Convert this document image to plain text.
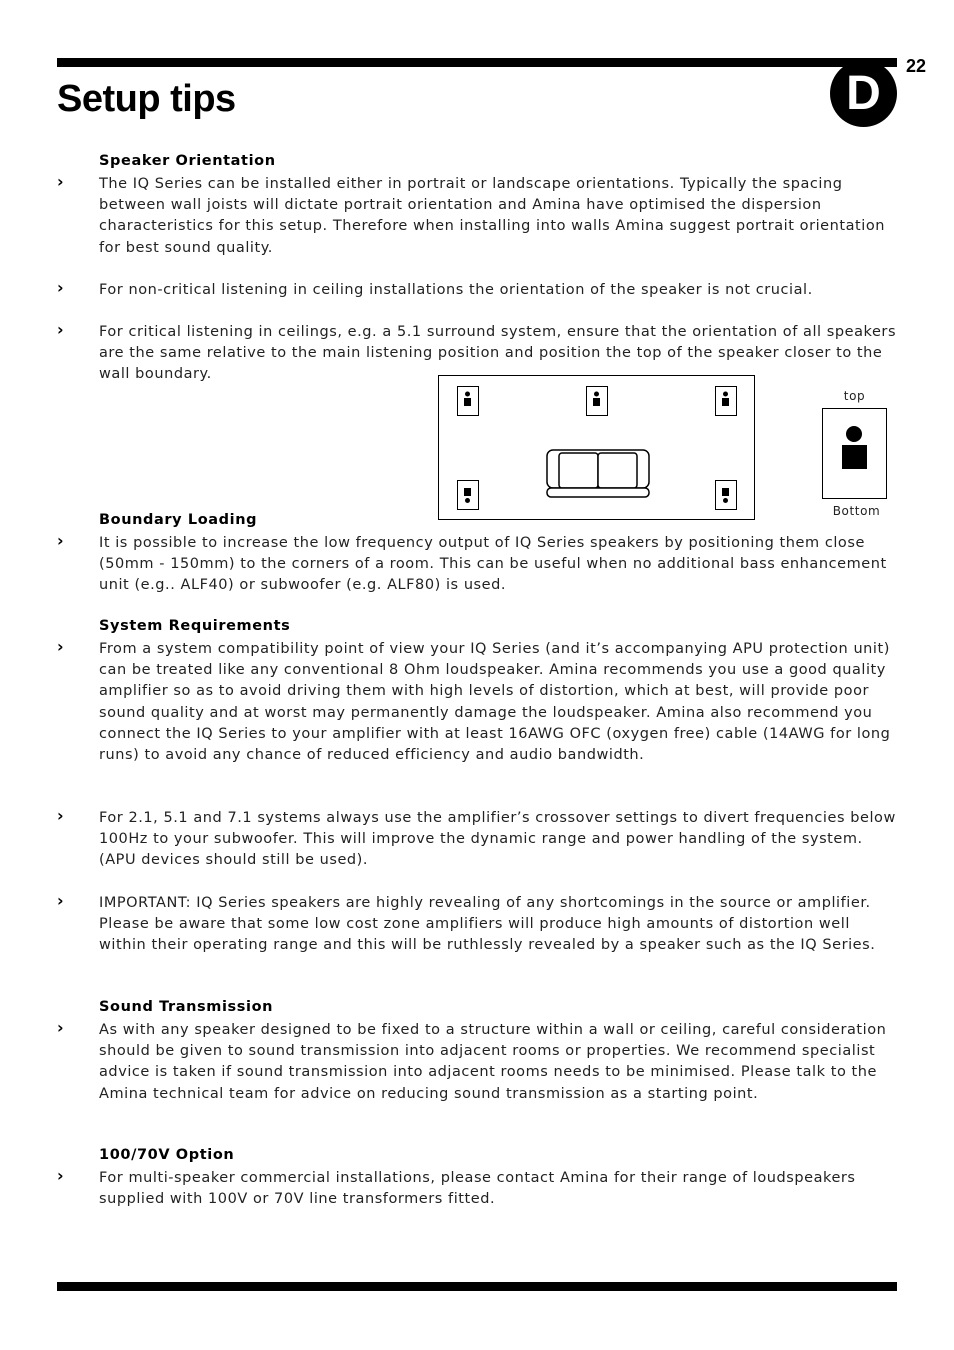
Setup tips	D
22
Speaker Orientation
› The IQ Series can be installed either in portrait or landscape orientations. Typically the spacing between wall joists will dictate portrait orientation and Amina have optimised the dispersion characteristics for this setup. Therefore when installing into walls Amina suggest portrait orientation for best sound quality.
› For non-critical listening in ceiling installations the orientation of the speaker is not crucial.
› For critical listening in ceilings, e.g. a 5.1 surround system, ensure that the orientation of all speakers are the same relative to the main listening position and position the top of the speaker closer to the wall boundary.
top
Bottom
Boundary Loading
› It is possible to increase the low frequency output of IQ Series speakers by positioning them close (50mm - 150mm) to the corners of a room. This can be useful when no additional bass enhancement unit (e.g.. ALF40) or subwoofer (e.g. ALF80) is used.
System Requirements
› From a system compatibility point of view your IQ Series (and it’s accompanying APU protection unit) can be treated like any conventional 8 Ohm loudspeaker. Amina recommends you use a good quality amplifier so as to avoid driving them with high levels of distortion, which at best, will provide poor sound quality and at worst may permanently damage the loudspeaker. Amina also recommend you connect the IQ Series to your amplifier with at least 16AWG OFC (oxygen free) cable (14AWG for long runs) to avoid any chance of reduced efficiency and audio bandwidth.
› For 2.1, 5.1 and 7.1 systems always use the amplifier’s crossover settings to divert frequencies below 100Hz to your subwoofer. This will improve the dynamic range and power handling of the system. (APU devices should still be used).
› IMPORTANT: IQ Series speakers are highly revealing of any shortcomings in the source or amplifier. Please be aware that some low cost zone amplifiers will produce high amounts of distortion well within their operating range and this will be ruthlessly revealed by a speaker such as the IQ Series.
Sound Transmission
› As with any speaker designed to be fixed to a structure within a wall or ceiling, careful consideration should be given to sound transmission into adjacent rooms or properties. We recommend specialist advice is taken if sound transmission into adjacent rooms needs to be minimised. Please talk to the Amina technical team for advice on reducing sound transmission as a starting point.
100/70V Option
› For multi-speaker commercial installations, please contact Amina for their range of loudspeakers supplied with 100V or 70V line transformers fitted.
